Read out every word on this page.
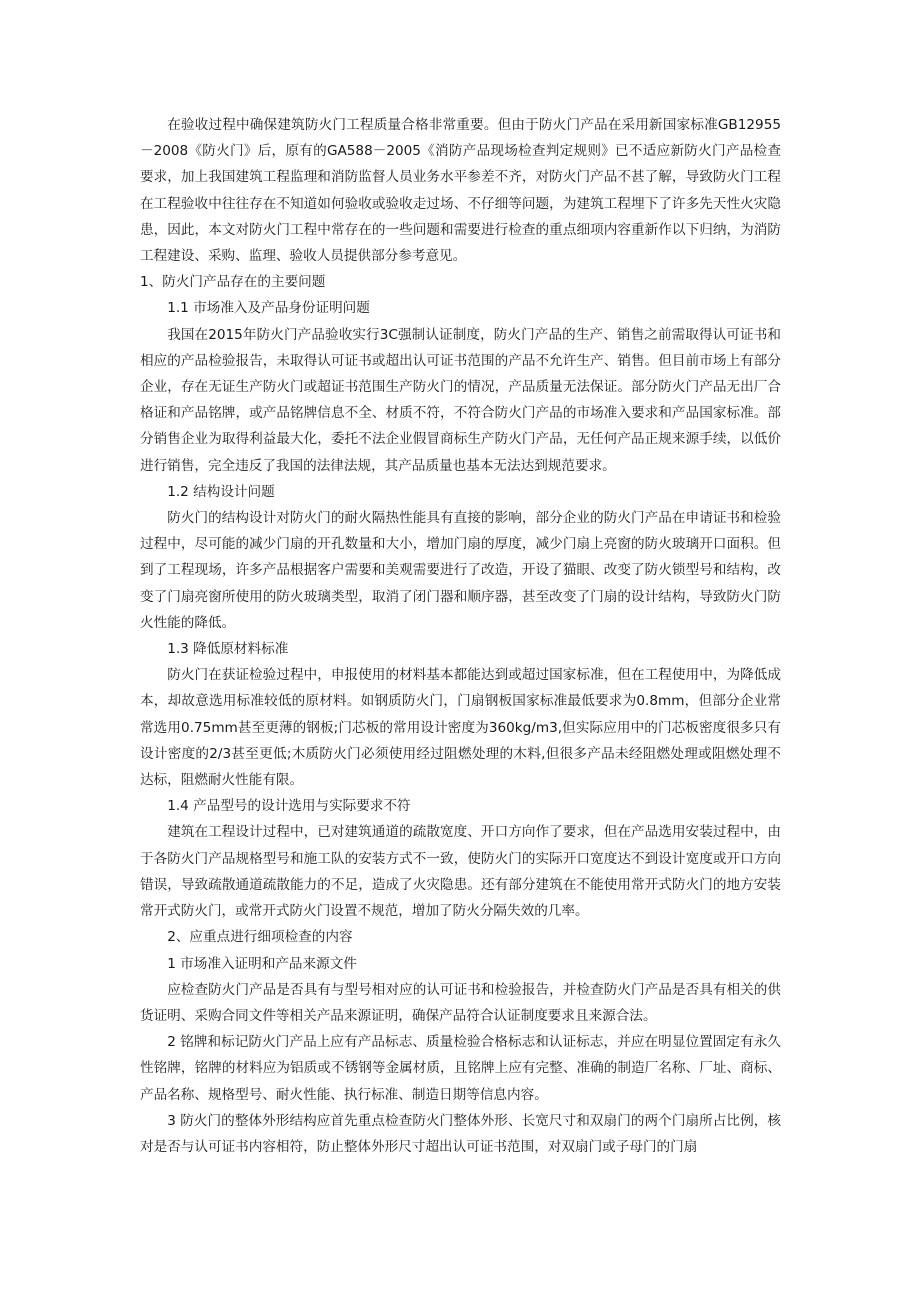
在验收过程中确保建筑防火门工程质量合格非常重要。但由于防火门产品在采用新国家标准GB12955－2008《防火门》后，原有的GA588－2005《消防产品现场检查判定规则》已不适应新防火门产品检查要求，加上我国建筑工程监理和消防监督人员业务水平参差不齐，对防火门产品不甚了解，导致防火门工程在工程验收中往往存在不知道如何验收或验收走过场、不仔细等问题，为建筑工程埋下了许多先天性火灾隐患，因此，本文对防火门工程中常存在的一些问题和需要进行检查的重点细项内容重新作以下归纳，为消防工程建设、采购、监理、验收人员提供部分参考意见。

1、防火门产品存在的主要问题

1.1 市场准入及产品身份证明问题

我国在2015年防火门产品验收实行3C强制认证制度，防火门产品的生产、销售之前需取得认可证书和相应的产品检验报告，未取得认可证书或超出认可证书范围的产品不允许生产、销售。但目前市场上有部分企业，存在无证生产防火门或超证书范围生产防火门的情况，产品质量无法保证。部分防火门产品无出厂合格证和产品铭牌，或产品铭牌信息不全、材质不符，不符合防火门产品的市场准入要求和产品国家标准。部分销售企业为取得利益最大化，委托不法企业假冒商标生产防火门产品，无任何产品正规来源手续，以低价进行销售，完全违反了我国的法律法规，其产品质量也基本无法达到规范要求。

1.2 结构设计问题

防火门的结构设计对防火门的耐火隔热性能具有直接的影响，部分企业的防火门产品在申请证书和检验过程中，尽可能的减少门扇的开孔数量和大小，增加门扇的厚度，减少门扇上亮窗的防火玻璃开口面积。但到了工程现场，许多产品根据客户需要和美观需要进行了改造，开设了猫眼、改变了防火锁型号和结构，改变了门扇亮窗所使用的防火玻璃类型，取消了闭门器和顺序器，甚至改变了门扇的设计结构，导致防火门防火性能的降低。

1.3 降低原材料标准

防火门在获证检验过程中，申报使用的材料基本都能达到或超过国家标准，但在工程使用中，为降低成本，却故意选用标准较低的原材料。如钢质防火门，门扇钢板国家标准最低要求为0.8mm，但部分企业常常选用0.75mm甚至更薄的钢板;门芯板的常用设计密度为360kg/m3,但实际应用中的门芯板密度很多只有设计密度的2/3甚至更低;木质防火门必须使用经过阻燃处理的木料,但很多产品未经阻燃处理或阻燃处理不达标，阻燃耐火性能有限。

1.4 产品型号的设计选用与实际要求不符

建筑在工程设计过程中，已对建筑通道的疏散宽度、开口方向作了要求，但在产品选用安装过程中，由于各防火门产品规格型号和施工队的安装方式不一致，使防火门的实际开口宽度达不到设计宽度或开口方向错误，导致疏散通道疏散能力的不足，造成了火灾隐患。还有部分建筑在不能使用常开式防火门的地方安装常开式防火门，或常开式防火门设置不规范，增加了防火分隔失效的几率。

2、应重点进行细项检查的内容

1 市场准入证明和产品来源文件

应检查防火门产品是否具有与型号相对应的认可证书和检验报告，并检查防火门产品是否具有相关的供货证明、采购合同文件等相关产品来源证明，确保产品符合认证制度要求且来源合法。

2 铭牌和标记防火门产品上应有产品标志、质量检验合格标志和认证标志，并应在明显位置固定有永久性铭牌，铭牌的材料应为铝质或不锈钢等金属材质，且铭牌上应有完整、准确的制造厂名称、厂址、商标、产品名称、规格型号、耐火性能、执行标准、制造日期等信息内容。

3 防火门的整体外形结构应首先重点检查防火门整体外形、长宽尺寸和双扇门的两个门扇所占比例，核对是否与认可证书内容相符，防止整体外形尺寸超出认可证书范围，对双扇门或子母门的门扇
